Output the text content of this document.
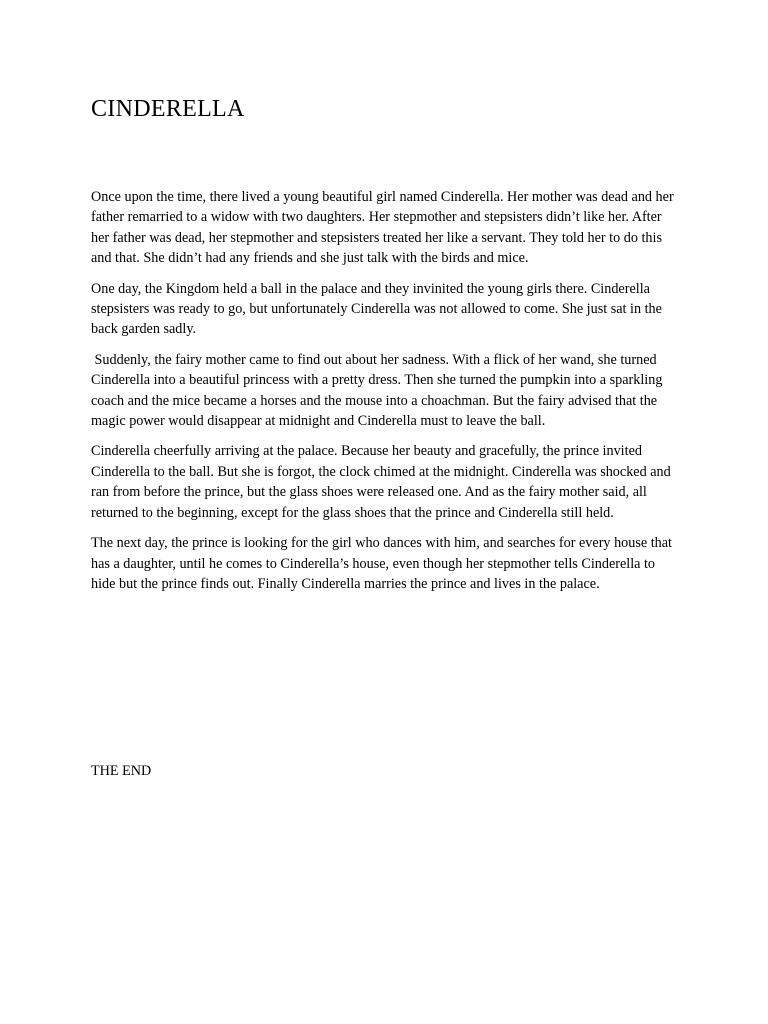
CINDERELLA

Once upon the time, there lived a young beautiful girl named Cinderella. Her mother was dead and her father remarried to a widow with two daughters. Her stepmother and stepsisters didn’t like her. After her father was dead, her stepmother and stepsisters treated her like a servant. They told her to do this and that. She didn’t had any friends and she just talk with the birds and mice.

One day, the Kingdom held a ball in the palace and they invinited the young girls there. Cinderella stepsisters was ready to go, but unfortunately Cinderella was not allowed to come. She just sat in the back garden sadly.

Suddenly, the fairy mother came to find out about her sadness. With a flick of her wand, she turned Cinderella into a beautiful princess with a pretty dress. Then she turned the pumpkin into a sparkling coach and the mice became a horses and the mouse into a choachman. But the fairy advised that the magic power would disappear at midnight and Cinderella must to leave the ball.

Cinderella cheerfully arriving at the palace. Because her beauty and gracefully, the prince invited Cinderella to the ball. But she is forgot, the clock chimed at the midnight. Cinderella was shocked and ran from before the prince, but the glass shoes were released one. And as the fairy mother said, all returned to the beginning, except for the glass shoes that the prince and Cinderella still held.

The next day, the prince is looking for the girl who dances with him, and searches for every house that has a daughter, until he comes to Cinderella’s house, even though her stepmother tells Cinderella to hide but the prince finds out. Finally Cinderella marries the prince and lives in the palace.

THE END
